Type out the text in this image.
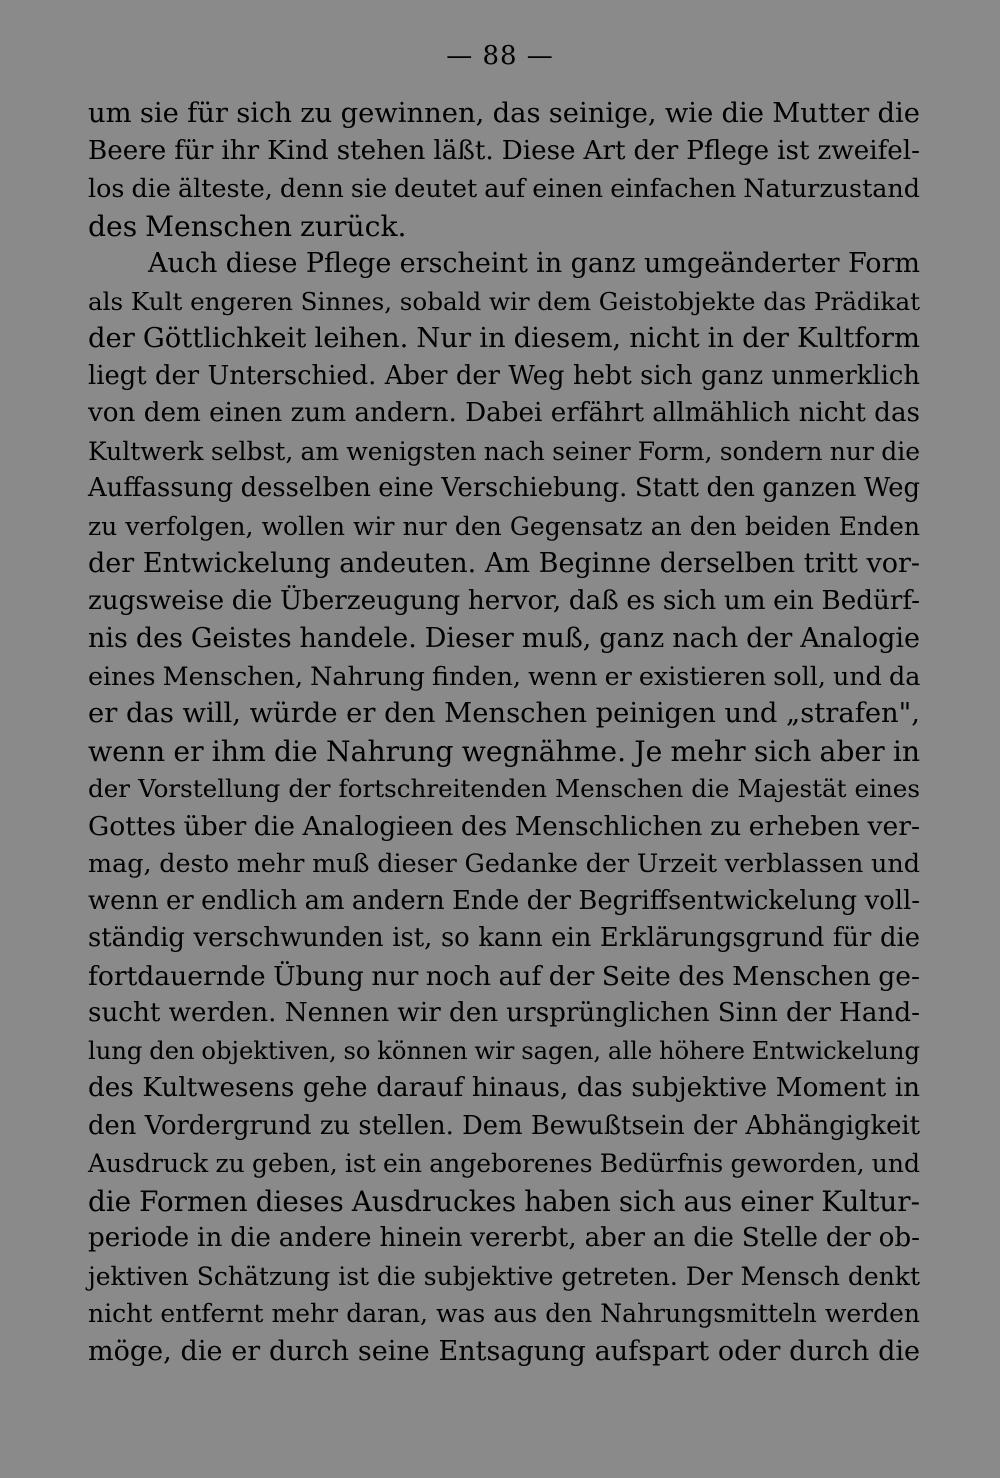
— 88 —
um sie für sich zu gewinnen, das seinige, wie die Mutter die
Beere für ihr Kind stehen läßt. Diese Art der Pflege ist zweifel-
los die älteste, denn sie deutet auf einen einfachen Naturzustand
des Menschen zurück.
Auch diese Pflege erscheint in ganz umgeänderter Form
als Kult engeren Sinnes, sobald wir dem Geistobjekte das Prädikat
der Göttlichkeit leihen. Nur in diesem, nicht in der Kultform
liegt der Unterschied. Aber der Weg hebt sich ganz unmerklich
von dem einen zum andern. Dabei erfährt allmählich nicht das
Kultwerk selbst, am wenigsten nach seiner Form, sondern nur die
Auffassung desselben eine Verschiebung. Statt den ganzen Weg
zu verfolgen, wollen wir nur den Gegensatz an den beiden Enden
der Entwickelung andeuten. Am Beginne derselben tritt vor-
zugsweise die Überzeugung hervor, daß es sich um ein Bedürf-
nis des Geistes handele. Dieser muß, ganz nach der Analogie
eines Menschen, Nahrung finden, wenn er existieren soll, und da
er das will, würde er den Menschen peinigen und „strafen",
wenn er ihm die Nahrung wegnähme. Je mehr sich aber in
der Vorstellung der fortschreitenden Menschen die Majestät eines
Gottes über die Analogieen des Menschlichen zu erheben ver-
mag, desto mehr muß dieser Gedanke der Urzeit verblassen und
wenn er endlich am andern Ende der Begriffsentwickelung voll-
ständig verschwunden ist, so kann ein Erklärungsgrund für die
fortdauernde Übung nur noch auf der Seite des Menschen ge-
sucht werden. Nennen wir den ursprünglichen Sinn der Hand-
lung den objektiven, so können wir sagen, alle höhere Entwickelung
des Kultwesens gehe darauf hinaus, das subjektive Moment in
den Vordergrund zu stellen. Dem Bewußtsein der Abhängigkeit
Ausdruck zu geben, ist ein angeborenes Bedürfnis geworden, und
die Formen dieses Ausdruckes haben sich aus einer Kultur-
periode in die andere hinein vererbt, aber an die Stelle der ob-
jektiven Schätzung ist die subjektive getreten. Der Mensch denkt
nicht entfernt mehr daran, was aus den Nahrungsmitteln werden
möge, die er durch seine Entsagung aufspart oder durch die
